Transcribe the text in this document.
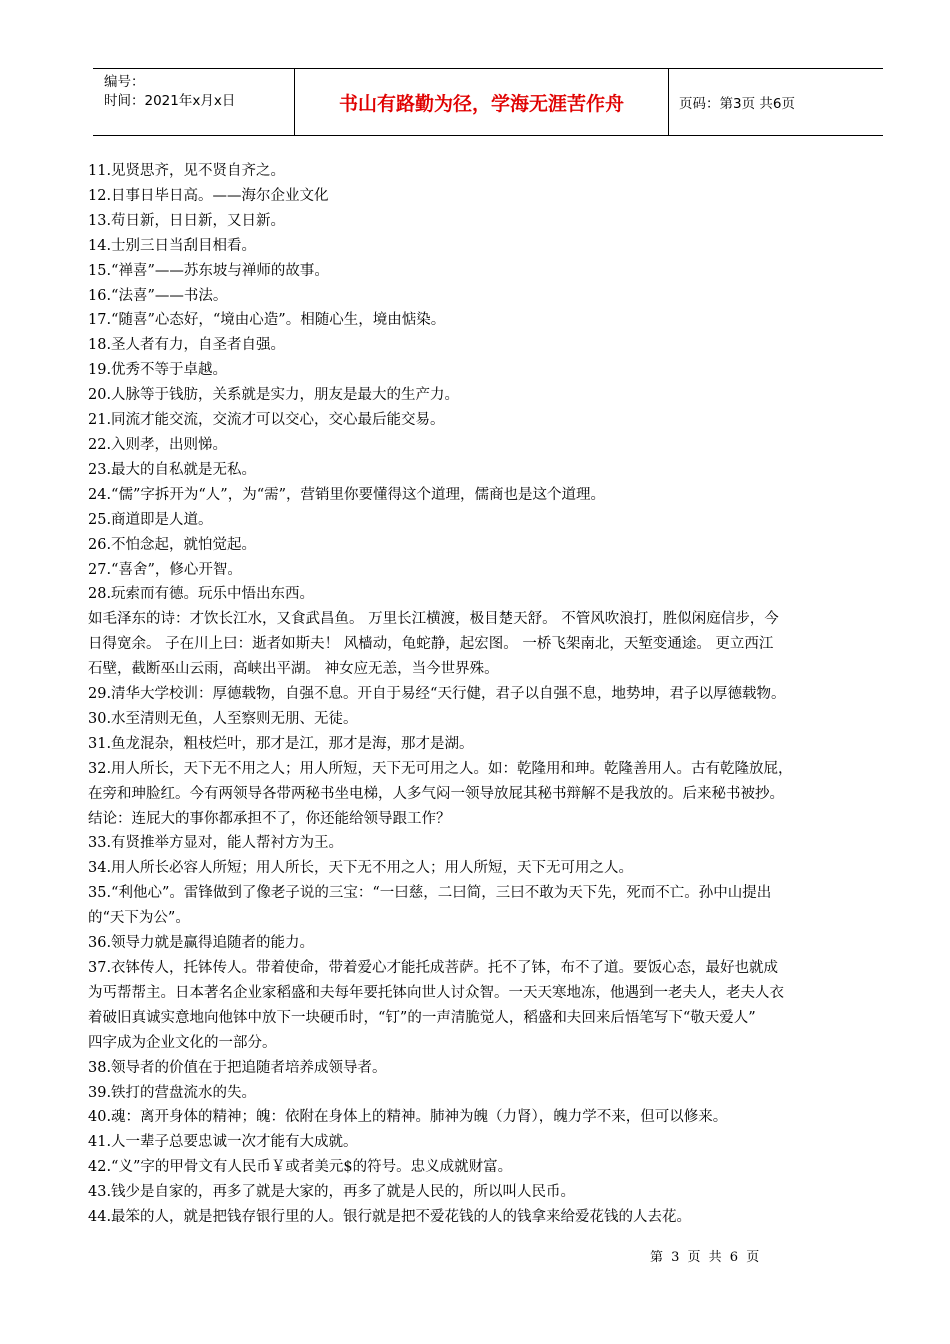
编号：
时间：2021年x月x日	书山有路勤为径，学海无涯苦作舟	页码：第3页 共6页
11.见贤思齐，见不贤自齐之。
12.日事日毕日高。——海尔企业文化
13.苟日新，日日新，又日新。
14.士别三日当刮目相看。
15.“禅喜”——苏东坡与禅师的故事。
16.“法喜”——书法。
17.“随喜”心态好，“境由心造”。相随心生，境由惦染。
18.圣人者有力，自圣者自强。
19.优秀不等于卓越。
20.人脉等于钱肪，关系就是实力，朋友是最大的生产力。
21.同流才能交流，交流才可以交心，交心最后能交易。
22.入则孝，出则悌。
23.最大的自私就是无私。
24.“儒”字拆开为“人”，为“需”，营销里你要懂得这个道理，儒商也是这个道理。
25.商道即是人道。
26.不怕念起，就怕觉起。
27.“喜舍”，修心开智。
28.玩索而有德。玩乐中悟出东西。
如毛泽东的诗：才饮长江水，又食武昌鱼。 万里长江横渡，极目楚天舒。 不管风吹浪打，胜似闲庭信步，今
日得宽余。 子在川上曰：逝者如斯夫！ 风樯动，龟蛇静，起宏图。 一桥飞架南北，天堑变通途。 更立西江
石壁，截断巫山云雨，高峡出平湖。 神女应无恙，当今世界殊。
29.清华大学校训：厚德载物，自强不息。开自于易经“天行健，君子以自强不息，地势坤，君子以厚德载物。
30.水至清则无鱼，人至察则无朋、无徒。
31.鱼龙混杂，粗枝烂叶，那才是江，那才是海，那才是湖。
32.用人所长，天下无不用之人；用人所短，天下无可用之人。如：乾隆用和珅。乾隆善用人。古有乾隆放屁，
在旁和珅脸红。今有两领导各带两秘书坐电梯，人多气闷一领导放屁其秘书辩解不是我放的。后来秘书被抄。
结论：连屁大的事你都承担不了，你还能给领导跟工作？
33.有贤推举方显对，能人帮衬方为王。
34.用人所长必容人所短；用人所长，天下无不用之人；用人所短，天下无可用之人。
35.“利他心”。雷锋做到了像老子说的三宝：“一曰慈，二曰简，三曰不敢为天下先，死而不亡。孙中山提出
的“天下为公”。
36.领导力就是赢得追随者的能力。
37.衣钵传人，托钵传人。带着使命，带着爱心才能托成菩萨。托不了钵，布不了道。要饭心态，最好也就成
为丐帮帮主。日本著名企业家稻盛和夫每年要托钵向世人讨众智。一天天寒地冻，他遇到一老夫人，老夫人衣
着破旧真诚实意地向他钵中放下一块硬币时，“钉”的一声清脆觉人，稻盛和夫回来后悟笔写下“敬天爱人”
四字成为企业文化的一部分。
38.领导者的价值在于把追随者培养成领导者。
39.铁打的营盘流水的失。
40.魂：离开身体的精神；魄：依附在身体上的精神。肺神为魄（力肾），魄力学不来，但可以修来。
41.人一辈子总要忠诚一次才能有大成就。
42.“义”字的甲骨文有人民币￥或者美元$的符号。忠义成就财富。
43.钱少是自家的，再多了就是大家的，再多了就是人民的，所以叫人民币。
44.最笨的人，就是把钱存银行里的人。银行就是把不爱花钱的人的钱拿来给爱花钱的人去花。
第 3 页 共 6 页
